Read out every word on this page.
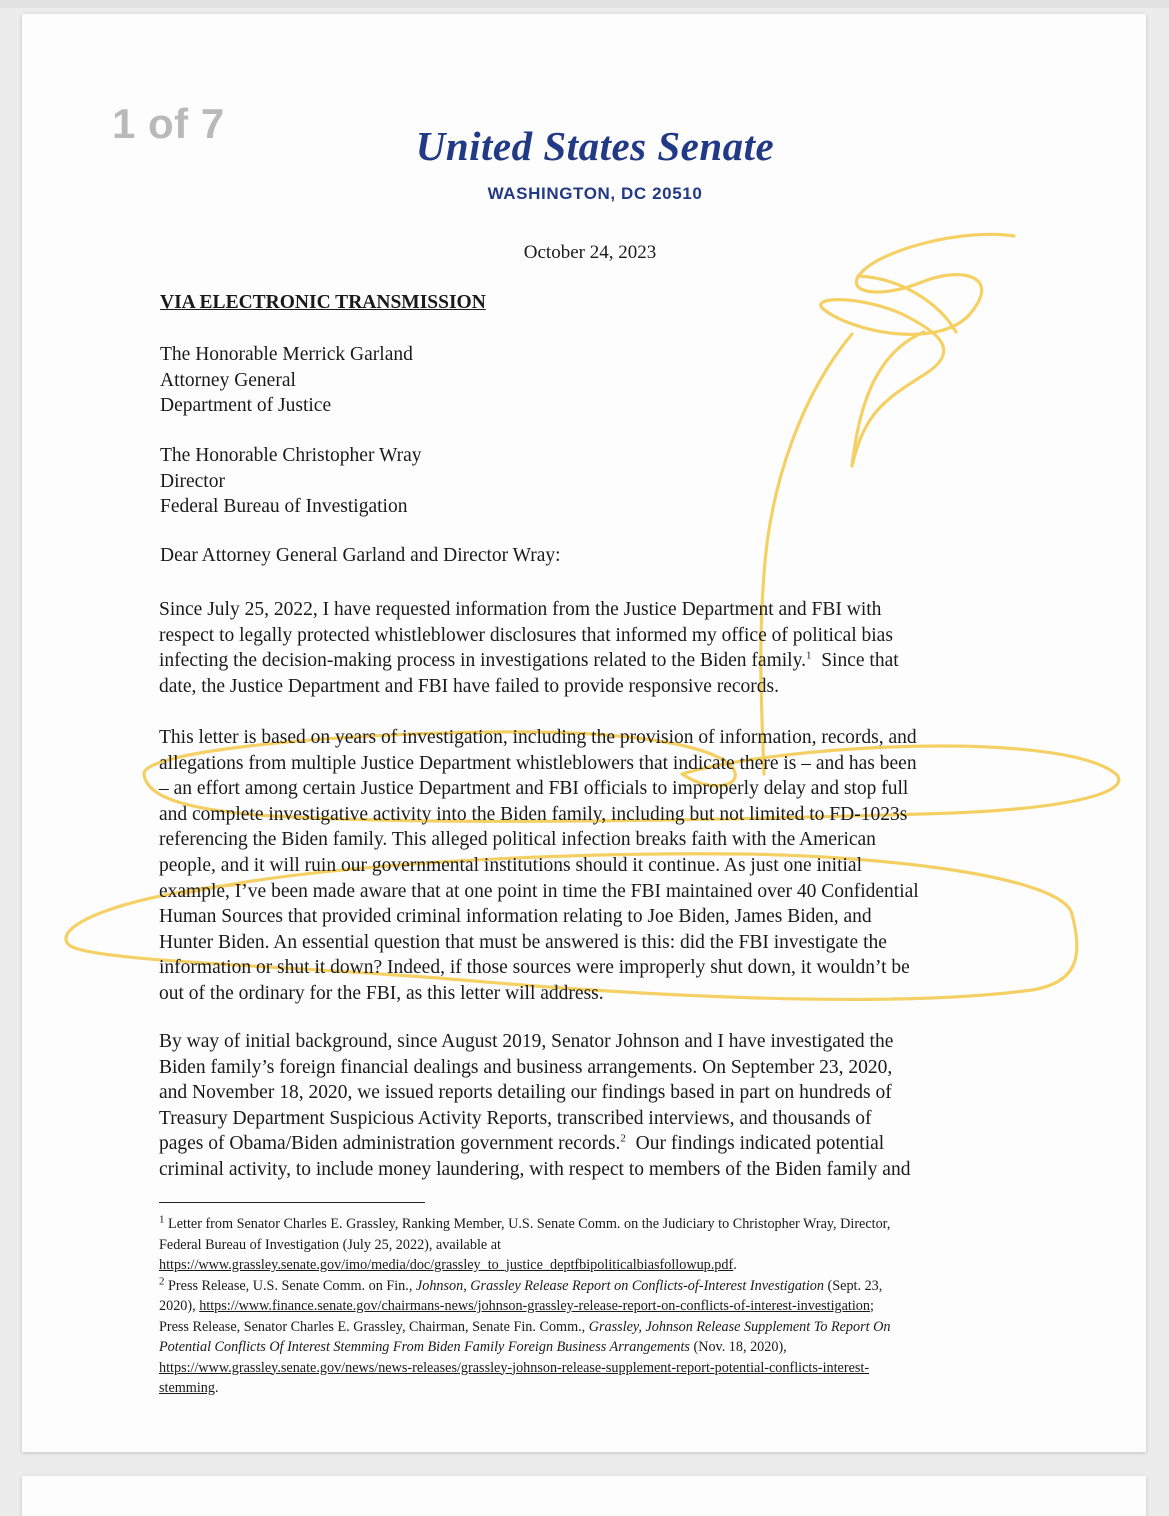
1 of 7	United States Senate
WASHINGTON, DC 20510
October 24, 2023
VIA ELECTRONIC TRANSMISSION
The Honorable Merrick Garland
Attorney General
Department of Justice
The Honorable Christopher Wray
Director
Federal Bureau of Investigation
Dear Attorney General Garland and Director Wray:
Since July 25, 2022, I have requested information from the Justice Department and FBI with
respect to legally protected whistleblower disclosures that informed my office of political bias
infecting the decision-making process in investigations related to the Biden family.$^1$ Since that
date, the Justice Department and FBI have failed to provide responsive records.
This letter is based on years of investigation, including the provision of information, records, and
allegations from multiple Justice Department whistleblowers that indicate there is – and has been
– an effort among certain Justice Department and FBI officials to improperly delay and stop full
and complete investigative activity into the Biden family, including but not limited to FD-1023s
referencing the Biden family. This alleged political infection breaks faith with the American
people, and it will ruin our governmental institutions should it continue. As just one initial
example, I’ve been made aware that at one point in time the FBI maintained over 40 Confidential
Human Sources that provided criminal information relating to Joe Biden, James Biden, and
Hunter Biden. An essential question that must be answered is this: did the FBI investigate the
information or shut it down? Indeed, if those sources were improperly shut down, it wouldn’t be
out of the ordinary for the FBI, as this letter will address.
By way of initial background, since August 2019, Senator Johnson and I have investigated the
Biden family’s foreign financial dealings and business arrangements. On September 23, 2020,
and November 18, 2020, we issued reports detailing our findings based in part on hundreds of
Treasury Department Suspicious Activity Reports, transcribed interviews, and thousands of
pages of Obama/Biden administration government records.$^2$ Our findings indicated potential
criminal activity, to include money laundering, with respect to members of the Biden family and
$^1$ Letter from Senator Charles E. Grassley, Ranking Member, U.S. Senate Comm. on the Judiciary to Christopher Wray, Director,
Federal Bureau of Investigation (July 25, 2022), available at
https://www.grassley.senate.gov/imo/media/doc/grassley_to_justice_deptfbipoliticalbiasfollowup.pdf.
$^2$ Press Release, U.S. Senate Comm. on Fin., Johnson, Grassley Release Report on Conflicts-of-Interest Investigation (Sept. 23,
2020), https://www.finance.senate.gov/chairmans-news/johnson-grassley-release-report-on-conflicts-of-interest-investigation;
Press Release, Senator Charles E. Grassley, Chairman, Senate Fin. Comm., Grassley, Johnson Release Supplement To Report On
Potential Conflicts Of Interest Stemming From Biden Family Foreign Business Arrangements (Nov. 18, 2020),
https://www.grassley.senate.gov/news/news-releases/grassley-johnson-release-supplement-report-potential-conflicts-interest-
stemming.
